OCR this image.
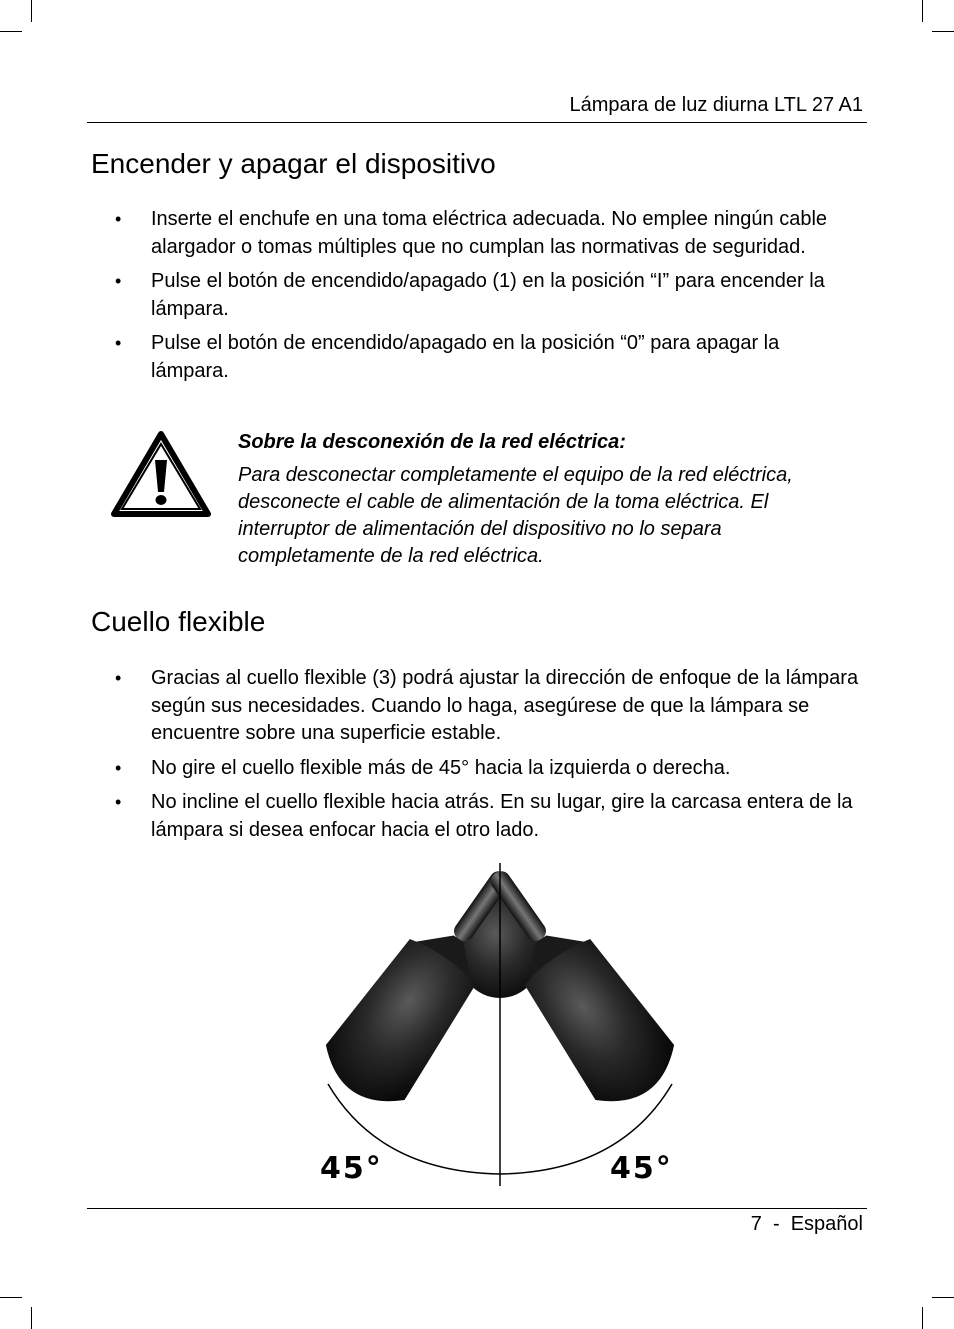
Lámpara de luz diurna LTL 27 A1
Encender y apagar el dispositivo
• Inserte el enchufe en una toma eléctrica adecuada. No emplee ningún cable alargador o tomas múltiples que no cumplan las normativas de seguridad.
• Pulse el botón de encendido/apagado (1) en la posición “I” para encender la lámpara.
• Pulse el botón de encendido/apagado en la posición “0” para apagar la lámpara.
Sobre la desconexión de la red eléctrica:
Para desconectar completamente el equipo de la red eléctrica, desconecte el cable de alimentación de la toma eléctrica. El interruptor de alimentación del dispositivo no lo separa completamente de la red eléctrica.
Cuello flexible
• Gracias al cuello flexible (3) podrá ajustar la dirección de enfoque de la lámpara según sus necesidades. Cuando lo haga, asegúrese de que la lámpara se encuentre sobre una superficie estable.
• No gire el cuello flexible más de 45° hacia la izquierda o derecha.
• No incline el cuello flexible hacia atrás. En su lugar, gire la carcasa entera de la lámpara si desea enfocar hacia el otro lado.
45°	45°
7  -  Español
